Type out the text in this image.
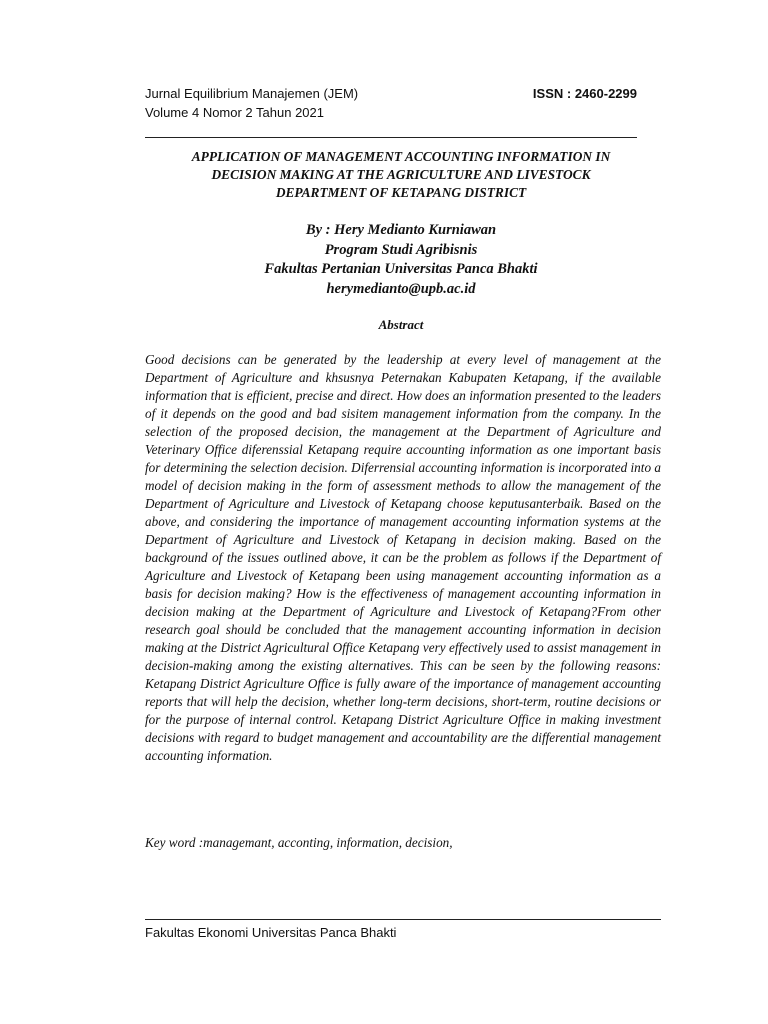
Jurnal Equilibrium Manajemen (JEM)	ISSN : 2460-2299
Volume 4 Nomor 2 Tahun 2021
APPLICATION OF MANAGEMENT ACCOUNTING INFORMATION IN
DECISION MAKING AT THE AGRICULTURE AND LIVESTOCK
DEPARTMENT OF KETAPANG DISTRICT
By : Hery Medianto Kurniawan
Program Studi Agribisnis
Fakultas Pertanian Universitas Panca Bhakti
herymedianto@upb.ac.id
Abstract

Good decisions can be generated by the leadership at every level of management at the Department of Agriculture and khsusnya Peternakan Kabupaten Ketapang, if the available information that is efficient, precise and direct. How does an information presented to the leaders of it depends on the good and bad sisitem management information from the company. In the selection of the proposed decision, the management at the Department of Agriculture and Veterinary Office diferenssial Ketapang require accounting information as one important basis for determining the selection decision. Diferrensial accounting information is incorporated into a model of decision making in the form of assessment methods to allow the management of the Department of Agriculture and Livestock of Ketapang choose keputusanterbaik. Based on the above, and considering the importance of management accounting information systems at the Department of Agriculture and Livestock of Ketapang in decision making. Based on the background of the issues outlined above, it can be the problem as follows if the Department of Agriculture and Livestock of Ketapang been using management accounting information as a basis for decision making? How is the effectiveness of management accounting information in decision making at the Department of Agriculture and Livestock of Ketapang?From other research goal should be concluded that the management accounting information in decision making at the District Agricultural Office Ketapang very effectively used to assist management in decision-making among the existing alternatives. This can be seen by the following reasons: Ketapang District Agriculture Office is fully aware of the importance of management accounting reports that will help the decision, whether long-term decisions, short-term, routine decisions or for the purpose of internal control. Ketapang District Agriculture Office in making investment decisions with regard to budget management and accountability are the differential management accounting information.

Key word :managemant, acconting, information, decision,
Fakultas Ekonomi Universitas Panca Bhakti
